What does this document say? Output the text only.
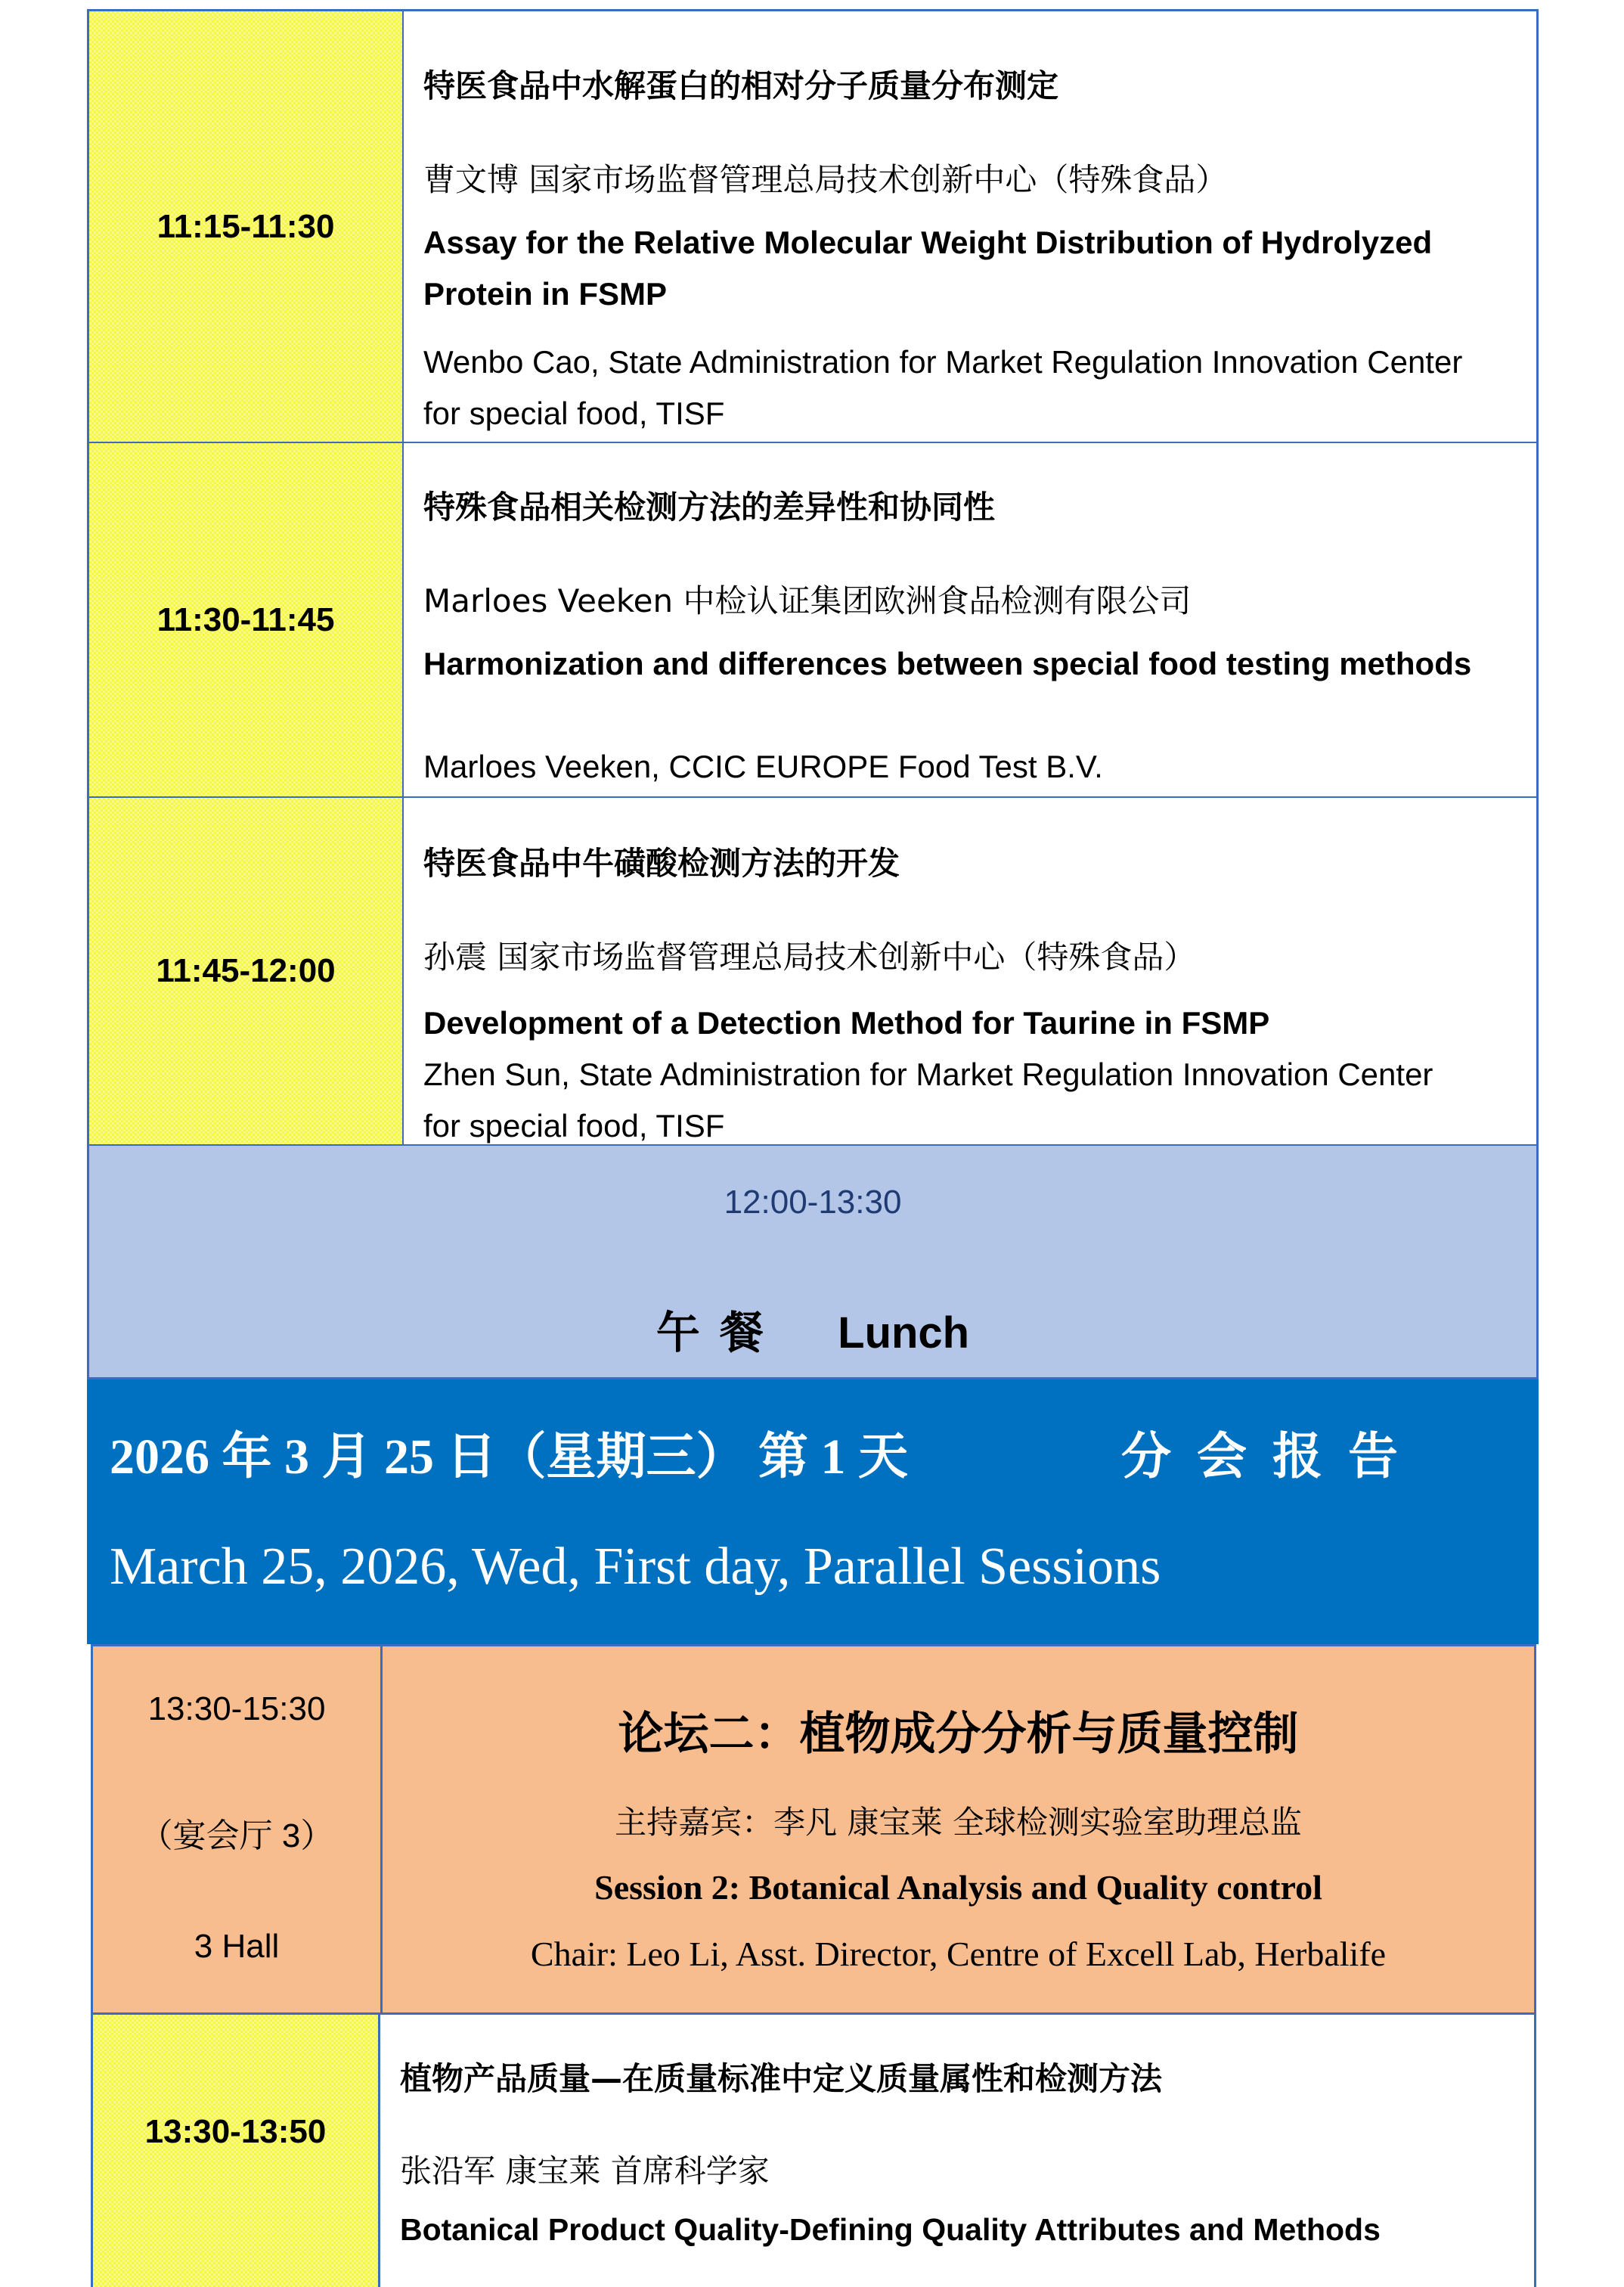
11:15-11:30
特医食品中水解蛋白的相对分子质量分布测定
曹文博 国家市场监督管理总局技术创新中心（特殊食品）
Assay for the Relative Molecular Weight Distribution of Hydrolyzed Protein in FSMP
Wenbo Cao, State Administration for Market Regulation Innovation Center for special food, TISF
11:30-11:45
特殊食品相关检测方法的差异性和协同性
Marloes Veeken 中检认证集团欧洲食品检测有限公司
Harmonization and differences between special food testing methods
Marloes Veeken, CCIC EUROPE Food Test B.V.
11:45-12:00
特医食品中牛磺酸检测方法的开发
孙震 国家市场监督管理总局技术创新中心（特殊食品）
Development of a Detection Method for Taurine in FSMP
Zhen Sun, State Administration for Market Regulation Innovation Center for special food, TISF
12:00-13:30
午餐 Lunch
2026 年 3 月 25 日（星期三） 第 1 天	分会报告
March 25, 2026, Wed, First day, Parallel Sessions
13:30-15:30
（宴会厅 3）
3 Hall
论坛二：植物成分分析与质量控制
主持嘉宾：李凡 康宝莱 全球检测实验室助理总监
Session 2: Botanical Analysis and Quality control
Chair: Leo Li, Asst. Director, Centre of Excell Lab, Herbalife
13:30-13:50
植物产品质量—在质量标准中定义质量属性和检测方法
张沿军 康宝莱 首席科学家
Botanical Product Quality-Defining Quality Attributes and Methods
